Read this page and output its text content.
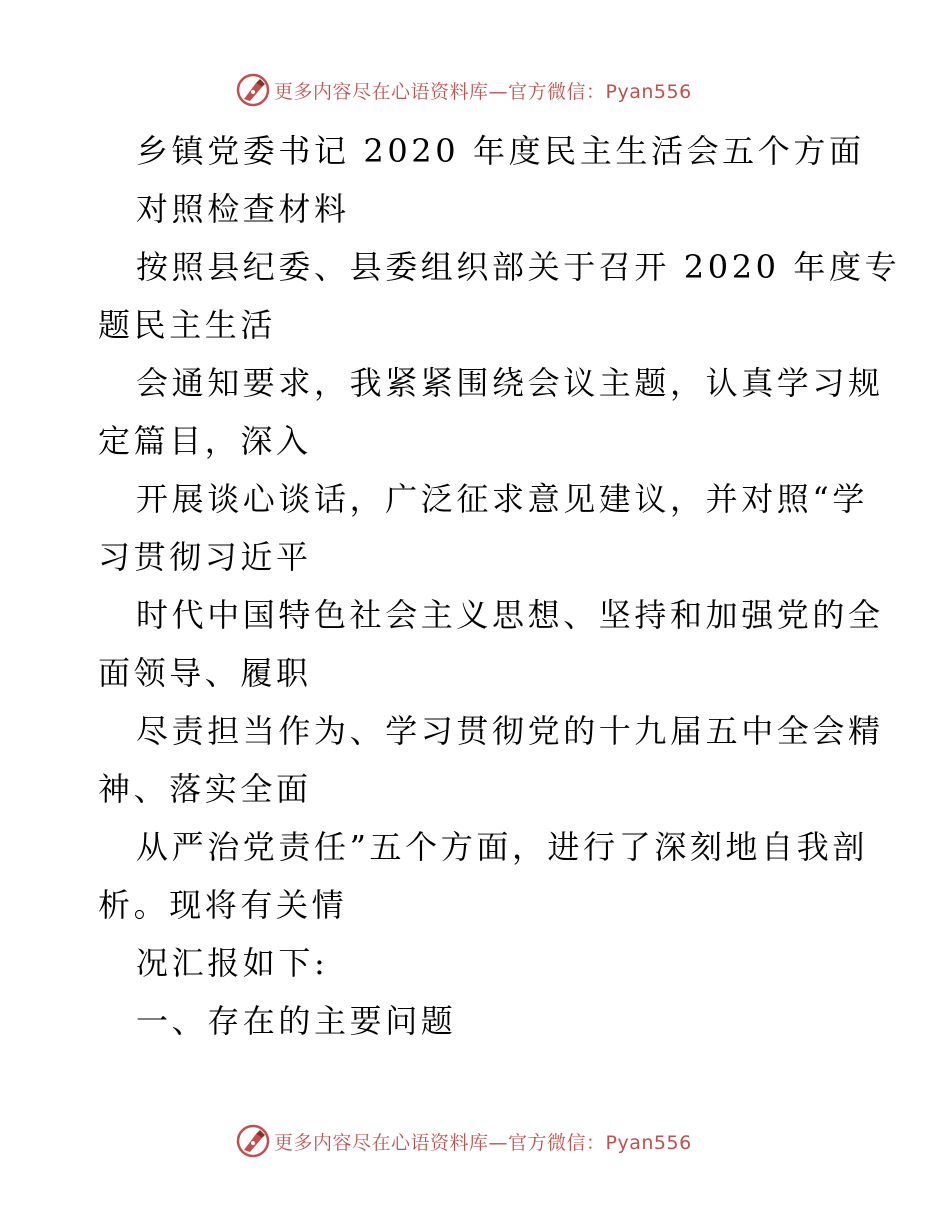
更多内容尽在心语资料库—官方微信：Pyan556
乡镇党委书记 2020 年度民主生活会五个方面
对照检查材料
按照县纪委、县委组织部关于召开 2020 年度专
题民主生活
会通知要求，我紧紧围绕会议主题，认真学习规
定篇目，深入
开展谈心谈话，广泛征求意见建议，并对照“学
习贯彻习近平
时代中国特色社会主义思想、坚持和加强党的全
面领导、履职
尽责担当作为、学习贯彻党的十九届五中全会精
神、落实全面
从严治党责任”五个方面，进行了深刻地自我剖
析。现将有关情
况汇报如下:
一、存在的主要问题
更多内容尽在心语资料库—官方微信：Pyan556
